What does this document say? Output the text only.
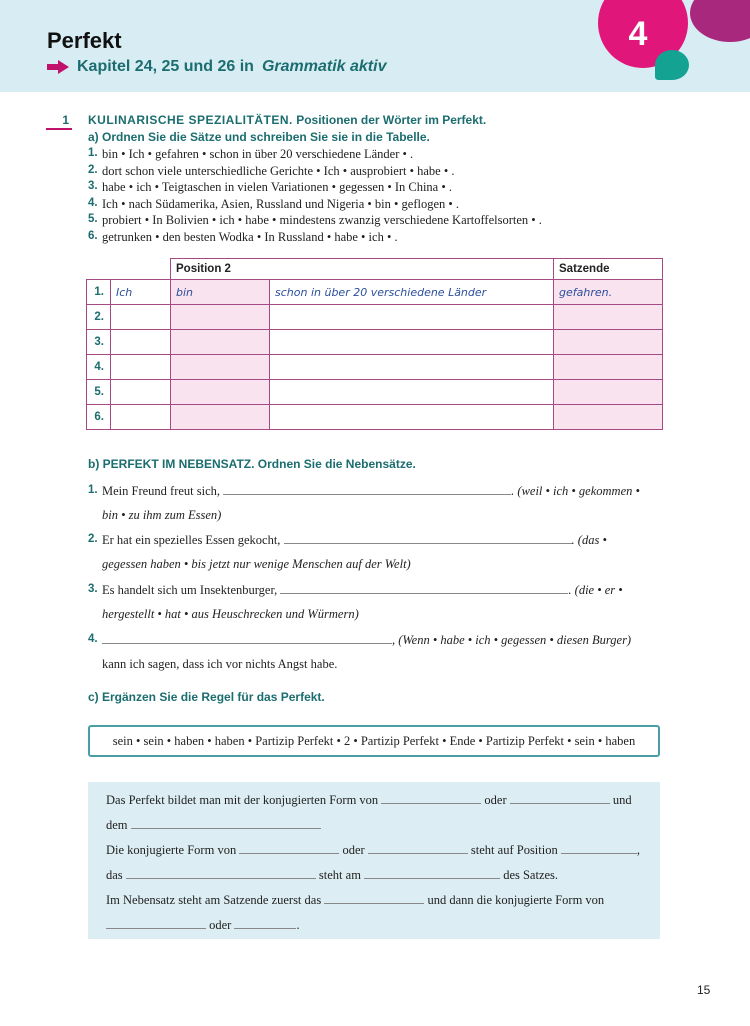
4
Perfekt
Kapitel 24, 25 und 26 in Grammatik aktiv
1 KULINARISCHE SPEZIALITÄTEN. Positionen der Wörter im Perfekt.
a) Ordnen Sie die Sätze und schreiben Sie sie in die Tabelle.
1. bin • Ich • gefahren • schon in über 20 verschiedene Länder • .
2. dort schon viele unterschiedliche Gerichte • Ich • ausprobiert • habe • .
3. habe • ich • Teigtaschen in vielen Variationen • gegessen • In China • .
4. Ich • nach Südamerika, Asien, Russland und Nigeria • bin • geflogen • .
5. probiert • In Bolivien • ich • habe • mindestens zwanzig verschiedene Kartoffelsorten • .
6. getrunken • den besten Wodka • In Russland • habe • ich • .
		Position 2		Satzende
1.	Ich	bin	schon in über 20 verschiedene Länder	gefahren.
2.				
3.				
4.				
5.				
6.				
b) PERFEKT IM NEBENSATZ. Ordnen Sie die Nebensätze.
1. Mein Freund freut sich,	. (weil • ich • gekommen •
bin • zu ihm zum Essen)
2. Er hat ein spezielles Essen gekocht,	. (das •
gegessen haben • bis jetzt nur wenige Menschen auf der Welt)
3. Es handelt sich um Insektenburger,	. (die • er •
hergestellt • hat • aus Heuschrecken und Würmern)
4.	, (Wenn • habe • ich • gegessen • diesen Burger)
kann ich sagen, dass ich vor nichts Angst habe.
c) Ergänzen Sie die Regel für das Perfekt.
sein • sein • haben • haben • Partizip Perfekt • 2 • Partizip Perfekt • Ende • Partizip Perfekt • sein • haben
Das Perfekt bildet man mit der konjugierten Form von	oder	und
dem
Die konjugierte Form von	oder	steht auf Position	,
das	steht am	des Satzes.
Im Nebensatz steht am Satzende zuerst das	und dann die konjugierte Form von
oder	.
15
